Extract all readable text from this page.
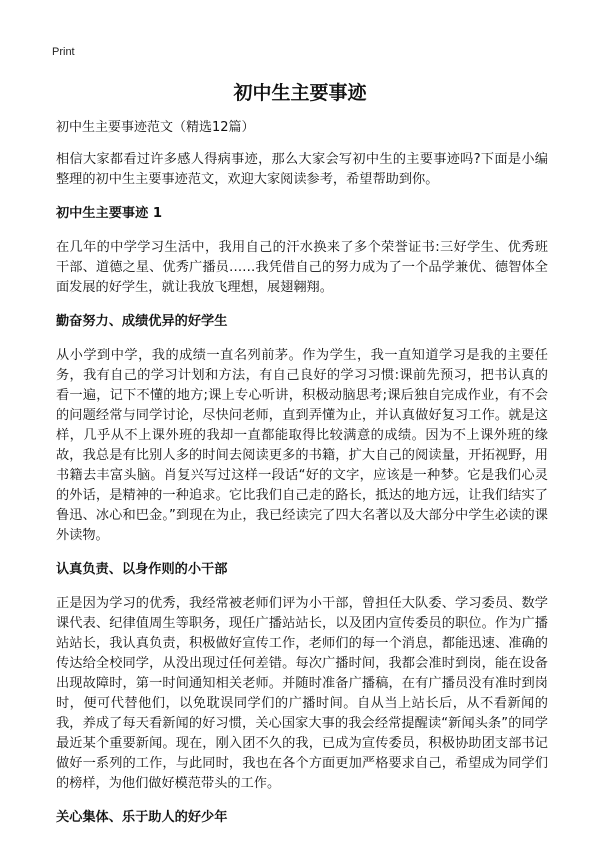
Print
初中生主要事迹

初中生主要事迹范文（精选12篇）

相信大家都看过许多感人得病事迹，那么大家会写初中生的主要事迹吗?下面是小编整理的初中生主要事迹范文，欢迎大家阅读参考，希望帮助到你。

初中生主要事迹 1

在几年的中学学习生活中，我用自己的汗水换来了多个荣誉证书:三好学生、优秀班干部、道德之星、优秀广播员……我凭借自己的努力成为了一个品学兼优、德智体全面发展的好学生，就让我放飞理想，展翅翱翔。

勤奋努力、成绩优异的好学生

从小学到中学，我的成绩一直名列前茅。作为学生，我一直知道学习是我的主要任务，我有自己的学习计划和方法，有自己良好的学习习惯:课前先预习，把书认真的看一遍，记下不懂的地方;课上专心听讲，积极动脑思考;课后独自完成作业，有不会的问题经常与同学讨论，尽快问老师，直到弄懂为止，并认真做好复习工作。就是这样，几乎从不上课外班的我却一直都能取得比较满意的成绩。因为不上课外班的缘故，我总是有比别人多的时间去阅读更多的书籍，扩大自己的阅读量，开拓视野，用书籍去丰富头脑。肖复兴写过这样一段话“好的文字，应该是一种梦。它是我们心灵的外话，是精神的一种追求。它比我们自己走的路长，抵达的地方远，让我们结实了鲁迅、冰心和巴金。”到现在为止，我已经读完了四大名著以及大部分中学生必读的课外读物。

认真负责、以身作则的小干部

正是因为学习的优秀，我经常被老师们评为小干部，曾担任大队委、学习委员、数学课代表、纪律值周生等职务，现任广播站站长，以及团内宣传委员的职位。作为广播站站长，我认真负责，积极做好宣传工作，老师们的每一个消息，都能迅速、准确的传达给全校同学，从没出现过任何差错。每次广播时间，我都会准时到岗，能在设备出现故障时，第一时间通知相关老师。并随时准备广播稿，在有广播员没有准时到岗时，便可代替他们，以免耽误同学们的广播时间。自从当上站长后，从不看新闻的我，养成了每天看新闻的好习惯，关心国家大事的我会经常提醒读“新闻头条”的同学最近某个重要新闻。现在，刚入团不久的我，已成为宣传委员，积极协助团支部书记做好一系列的工作，与此同时，我也在各个方面更加严格要求自己，希望成为同学们的榜样，为他们做好模范带头的工作。

关心集体、乐于助人的好少年
